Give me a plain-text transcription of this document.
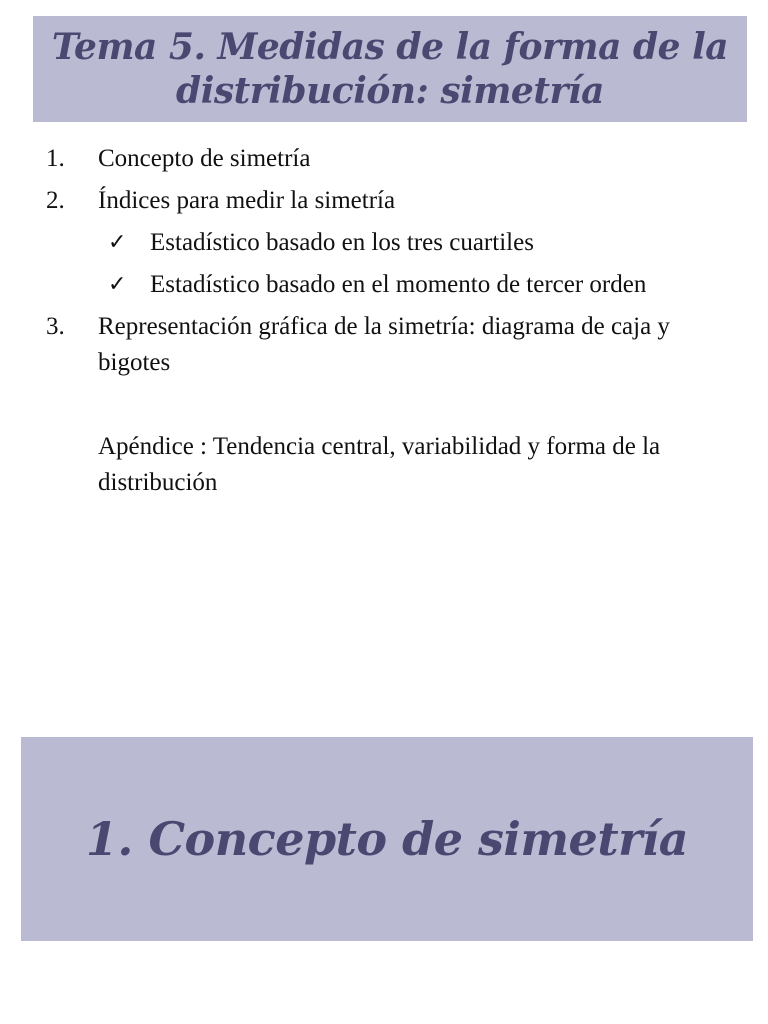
Tema 5. Medidas de la forma de la
distribución: simetría
1.	Concepto de simetría
2.	Índices para medir la simetría
✓ Estadístico basado en los tres cuartiles
✓ Estadístico basado en el momento de tercer orden
3.	Representación gráfica de la simetría: diagrama de caja y bigotes
Apéndice : Tendencia central, variabilidad y forma de la distribución
1. Concepto de simetría
